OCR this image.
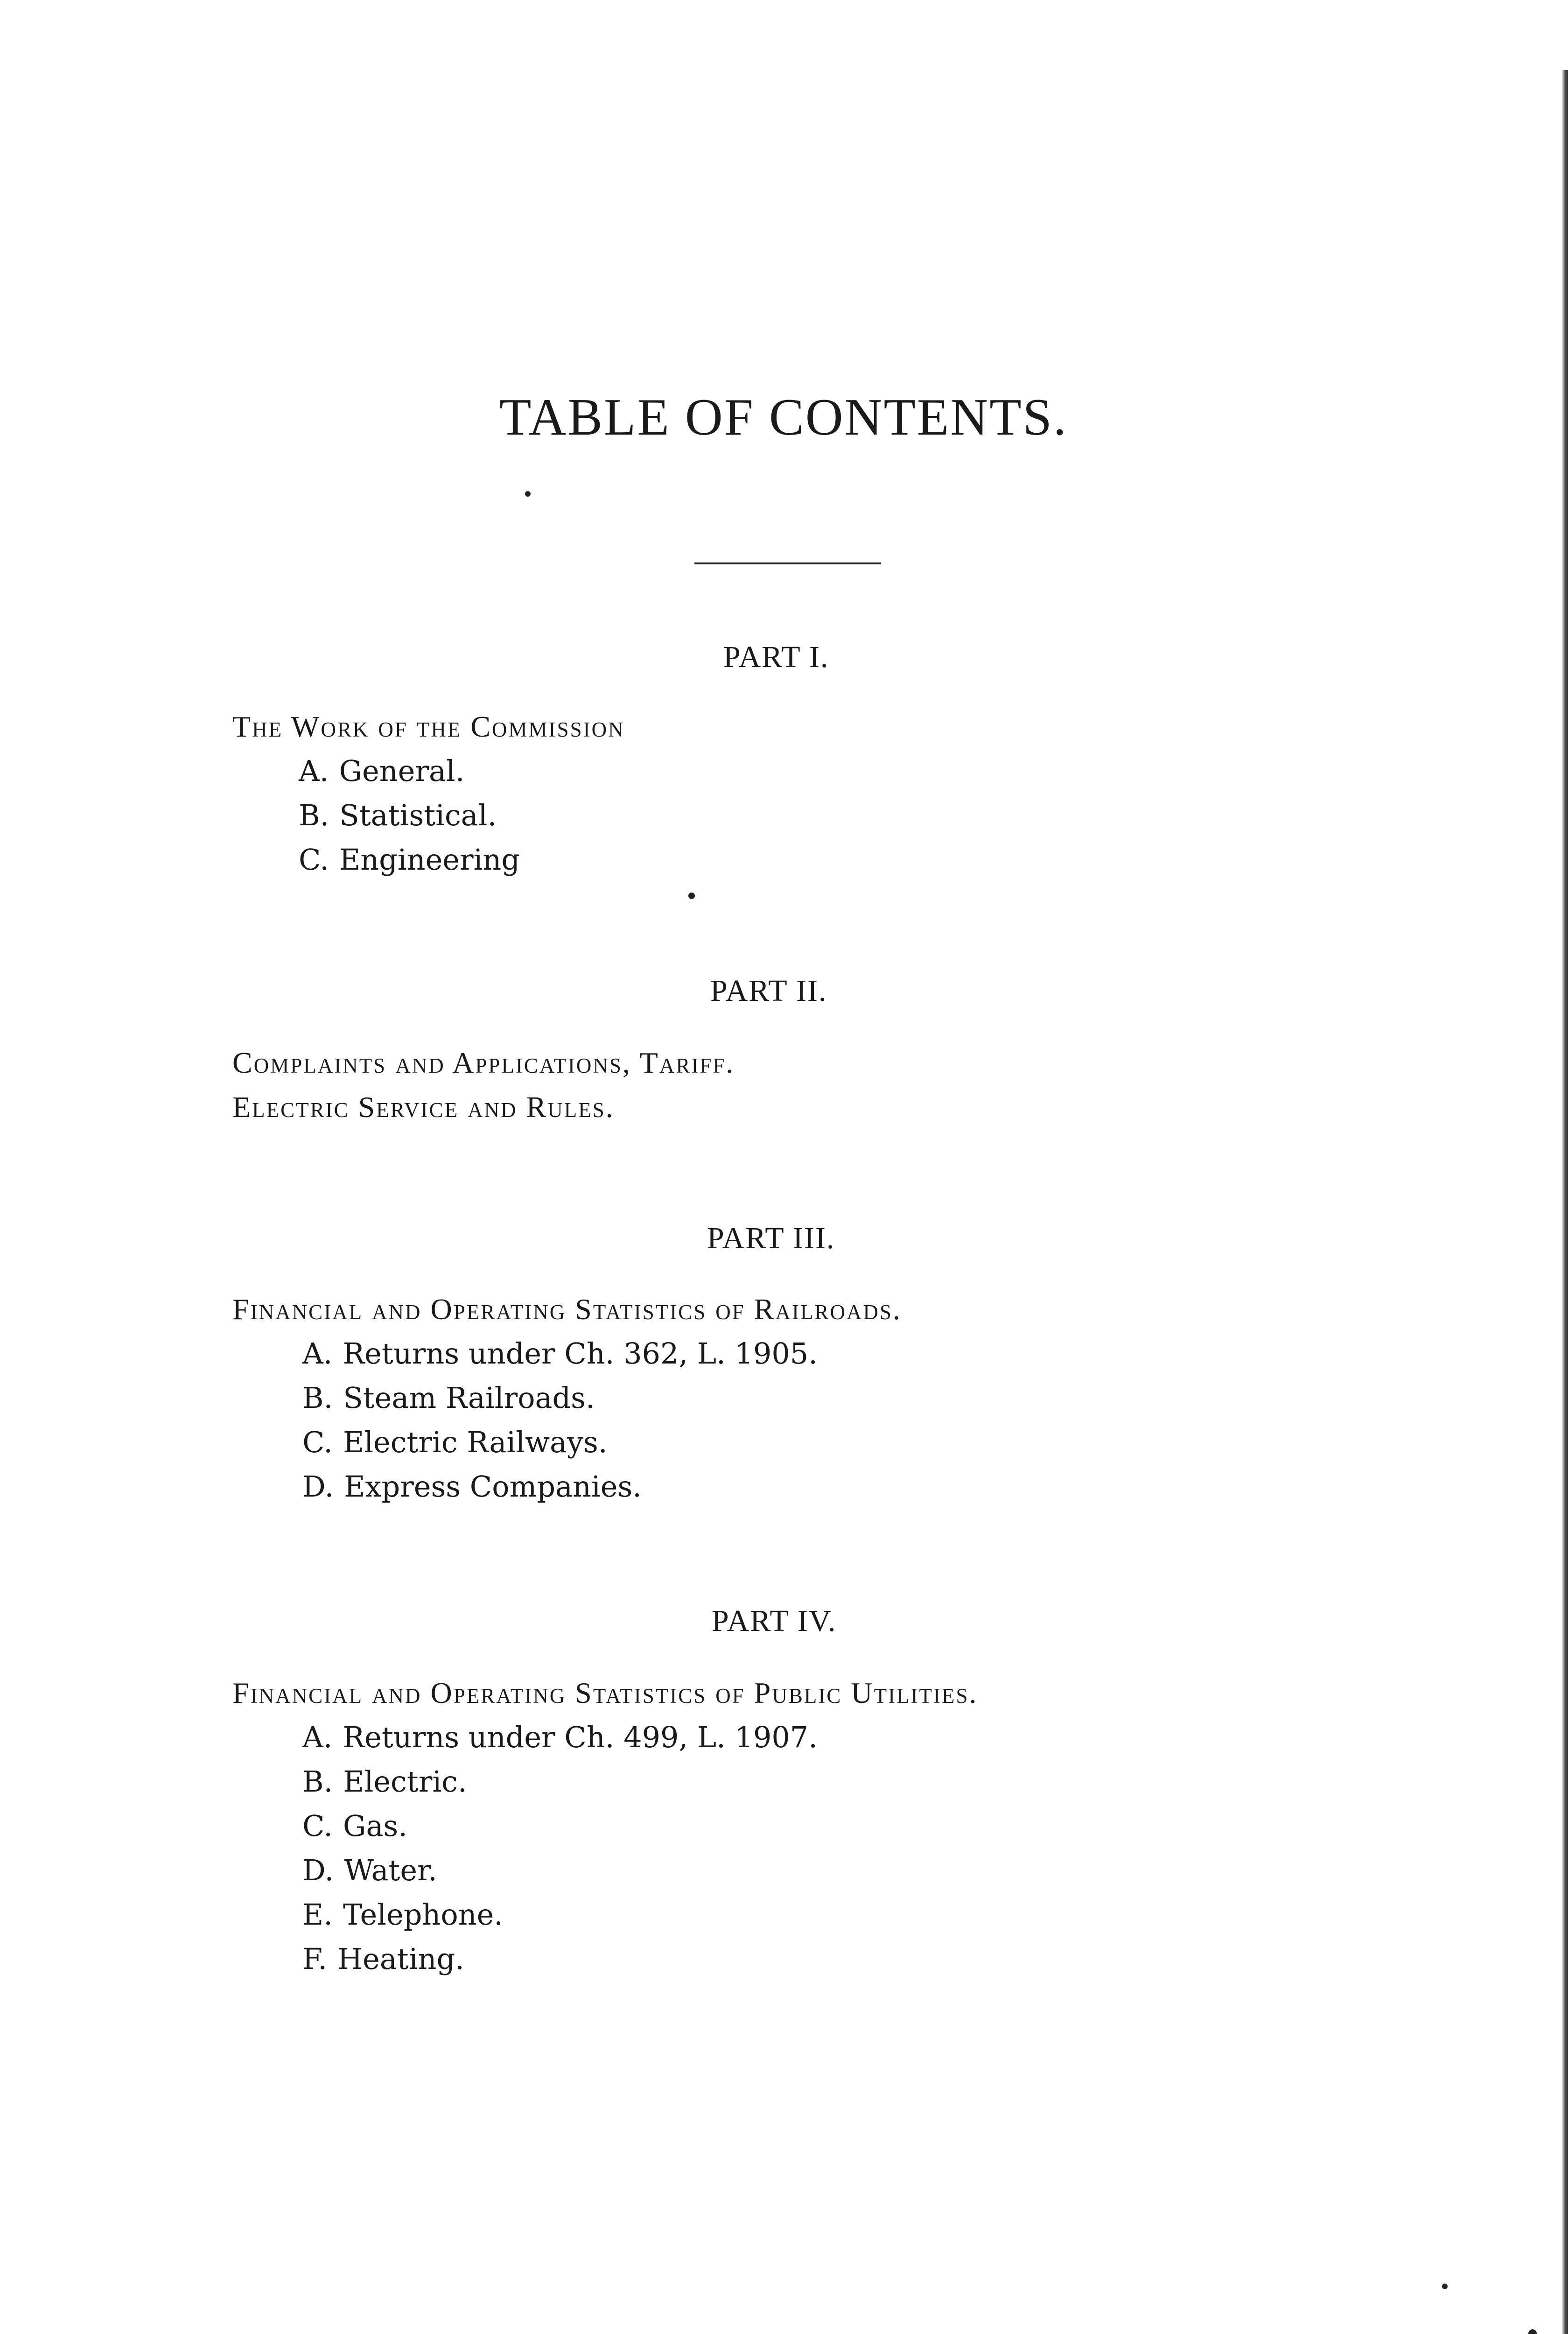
TABLE OF CONTENTS.
PART I.
The Work of the Commission
A. General.
B. Statistical.
C. Engineering
PART II.
Complaints and Applications, Tariff.
Electric Service and Rules.
PART III.
Financial and Operating Statistics of Railroads.
A. Returns under Ch. 362, L. 1905.
B. Steam Railroads.
C. Electric Railways.
D. Express Companies.
PART IV.
Financial and Operating Statistics of Public Utilities.
A. Returns under Ch. 499, L. 1907.
B. Electric.
C. Gas.
D. Water.
E. Telephone.
F. Heating.
